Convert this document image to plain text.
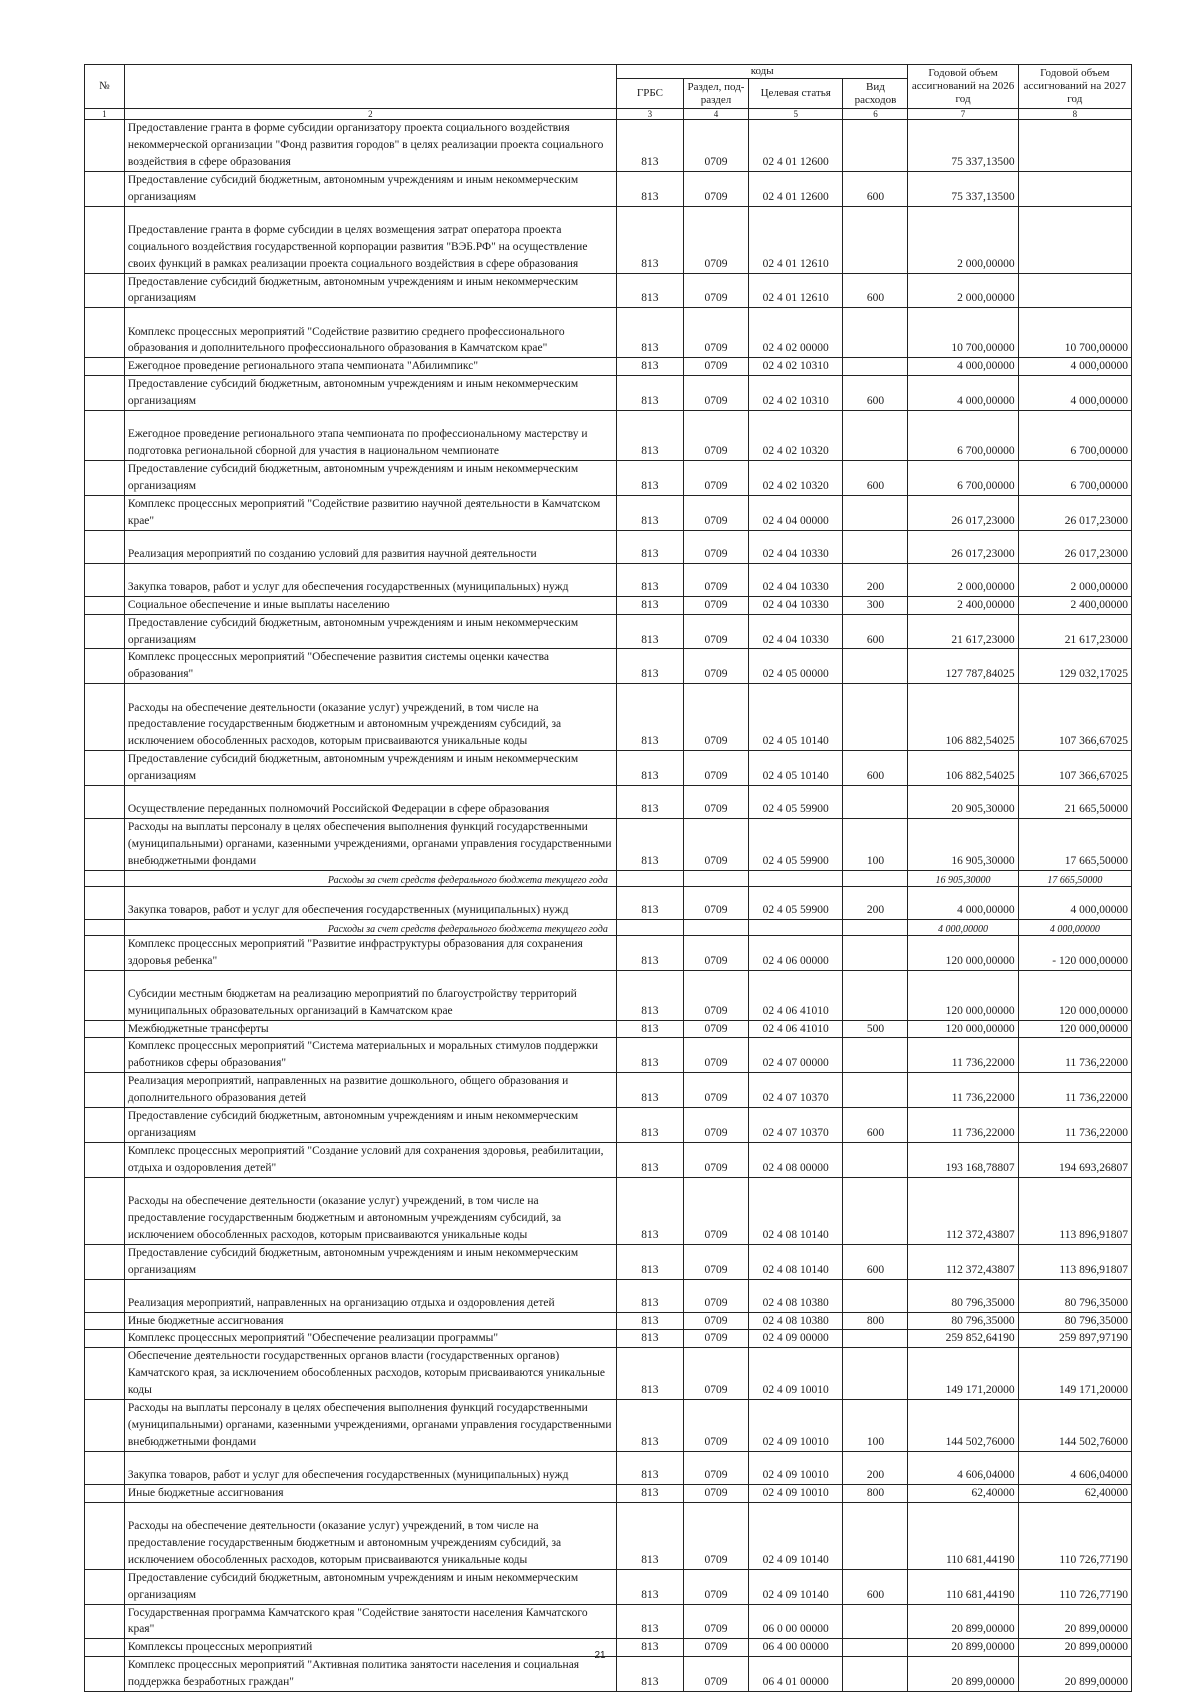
№		коды				Годовой объем ассигнований на 2026 год	Годовой объем ассигнований на 2027 год
		ГРБС	Раздел, под-раздел	Целевая статья	Вид расходов		
1	2	3	4	5	6	7	8
	Предоставление гранта в форме субсидии организатору проекта социального воздействия некоммерческой организации "Фонд развития городов" в целях реализации проекта социального воздействия в сфере образования	813	0709	02 4 01 12600		75 337,13500	
	Предоставление субсидий бюджетным, автономным учреждениям и иным некоммерческим организациям	813	0709	02 4 01 12600	600	75 337,13500	
	Предоставление гранта в форме субсидии в целях возмещения затрат оператора проекта социального воздействия государственной корпорации развития "ВЭБ.РФ" на осуществление своих функций в рамках реализации проекта социального воздействия в сфере образования	813	0709	02 4 01 12610		2 000,00000	
	Предоставление субсидий бюджетным, автономным учреждениям и иным некоммерческим организациям	813	0709	02 4 01 12610	600	2 000,00000	
	Комплекс процессных мероприятий "Содействие развитию среднего профессионального образования и дополнительного профессионального образования в Камчатском крае"	813	0709	02 4 02 00000		10 700,00000	10 700,00000
	Ежегодное проведение регионального этапа чемпионата "Абилимпикс"	813	0709	02 4 02 10310		4 000,00000	4 000,00000
	Предоставление субсидий бюджетным, автономным учреждениям и иным некоммерческим организациям	813	0709	02 4 02 10310	600	4 000,00000	4 000,00000
	Ежегодное проведение регионального этапа чемпионата по профессиональному мастерству и подготовка региональной сборной для участия в национальном чемпионате	813	0709	02 4 02 10320		6 700,00000	6 700,00000
	Предоставление субсидий бюджетным, автономным учреждениям и иным некоммерческим организациям	813	0709	02 4 02 10320	600	6 700,00000	6 700,00000
	Комплекс процессных мероприятий "Содействие развитию научной деятельности в Камчатском крае"	813	0709	02 4 04 00000		26 017,23000	26 017,23000
	Реализация мероприятий по созданию условий для развития научной деятельности	813	0709	02 4 04 10330		26 017,23000	26 017,23000
	Закупка товаров, работ и услуг для обеспечения государственных (муниципальных) нужд	813	0709	02 4 04 10330	200	2 000,00000	2 000,00000
	Социальное обеспечение и иные выплаты населению	813	0709	02 4 04 10330	300	2 400,00000	2 400,00000
	Предоставление субсидий бюджетным, автономным учреждениям и иным некоммерческим организациям	813	0709	02 4 04 10330	600	21 617,23000	21 617,23000
	Комплекс процессных мероприятий "Обеспечение развития системы оценки качества образования"	813	0709	02 4 05 00000		127 787,84025	129 032,17025
	Расходы на обеспечение деятельности (оказание услуг) учреждений, в том числе на предоставление государственным бюджетным и автономным учреждениям субсидий, за исключением обособленных расходов, которым присваиваются уникальные коды	813	0709	02 4 05 10140		106 882,54025	107 366,67025
	Предоставление субсидий бюджетным, автономным учреждениям и иным некоммерческим организациям	813	0709	02 4 05 10140	600	106 882,54025	107 366,67025
	Осуществление переданных полномочий Российской Федерации в сфере образования	813	0709	02 4 05 59900		20 905,30000	21 665,50000
	Расходы на выплаты персоналу в целях обеспечения выполнения функций государственными (муниципальными) органами, казенными учреждениями, органами управления государственными внебюджетными фондами	813	0709	02 4 05 59900	100	16 905,30000	17 665,50000
	Расходы за счет средств федерального бюджета текущего года					16 905,30000	17 665,50000
	Закупка товаров, работ и услуг для обеспечения государственных (муниципальных) нужд	813	0709	02 4 05 59900	200	4 000,00000	4 000,00000
	Расходы за счет средств федерального бюджета текущего года					4 000,00000	4 000,00000
	Комплекс процессных мероприятий "Развитие инфраструктуры образования для сохранения здоровья ребенка"	813	0709	02 4 06 00000		120 000,00000	- 120 000,00000
	Субсидии местным бюджетам на реализацию мероприятий по благоустройству территорий муниципальных образовательных организаций в Камчатском крае	813	0709	02 4 06 41010		120 000,00000	120 000,00000
	Межбюджетные трансферты	813	0709	02 4 06 41010	500	120 000,00000	120 000,00000
	Комплекс процессных мероприятий "Система материальных и моральных стимулов поддержки работников сферы образования"	813	0709	02 4 07 00000		11 736,22000	11 736,22000
	Реализация мероприятий, направленных на развитие дошкольного, общего образования и дополнительного образования детей	813	0709	02 4 07 10370		11 736,22000	11 736,22000
	Предоставление субсидий бюджетным, автономным учреждениям и иным некоммерческим организациям	813	0709	02 4 07 10370	600	11 736,22000	11 736,22000
	Комплекс процессных мероприятий "Создание условий для сохранения здоровья, реабилитации, отдыха и оздоровления детей"	813	0709	02 4 08 00000		193 168,78807	194 693,26807
	Расходы на обеспечение деятельности (оказание услуг) учреждений, в том числе на предоставление государственным бюджетным и автономным учреждениям субсидий, за исключением обособленных расходов, которым присваиваются уникальные коды	813	0709	02 4 08 10140		112 372,43807	113 896,91807
	Предоставление субсидий бюджетным, автономным учреждениям и иным некоммерческим организациям	813	0709	02 4 08 10140	600	112 372,43807	113 896,91807
	Реализация мероприятий, направленных на организацию отдыха и оздоровления детей	813	0709	02 4 08 10380		80 796,35000	80 796,35000
	Иные бюджетные ассигнования	813	0709	02 4 08 10380	800	80 796,35000	80 796,35000
	Комплекс процессных мероприятий "Обеспечение реализации программы"	813	0709	02 4 09 00000		259 852,64190	259 897,97190
	Обеспечение деятельности государственных органов власти (государственных органов) Камчатского края, за исключением обособленных расходов, которым присваиваются уникальные коды	813	0709	02 4 09 10010		149 171,20000	149 171,20000
	Расходы на выплаты персоналу в целях обеспечения выполнения функций государственными (муниципальными) органами, казенными учреждениями, органами управления государственными внебюджетными фондами	813	0709	02 4 09 10010	100	144 502,76000	144 502,76000
	Закупка товаров, работ и услуг для обеспечения государственных (муниципальных) нужд	813	0709	02 4 09 10010	200	4 606,04000	4 606,04000
	Иные бюджетные ассигнования	813	0709	02 4 09 10010	800	62,40000	62,40000
	Расходы на обеспечение деятельности (оказание услуг) учреждений, в том числе на предоставление государственным бюджетным и автономным учреждениям субсидий, за исключением обособленных расходов, которым присваиваются уникальные коды	813	0709	02 4 09 10140		110 681,44190	110 726,77190
	Предоставление субсидий бюджетным, автономным учреждениям и иным некоммерческим организациям	813	0709	02 4 09 10140	600	110 681,44190	110 726,77190
	Государственная программа Камчатского края "Содействие занятости населения Камчатского края"	813	0709	06 0 00 00000		20 899,00000	20 899,00000
	Комплексы процессных мероприятий	813	0709	06 4 00 00000		20 899,00000	20 899,00000
	Комплекс процессных мероприятий "Активная политика занятости населения и социальная поддержка безработных граждан"	813	0709	06 4 01 00000		20 899,00000	20 899,00000
21
